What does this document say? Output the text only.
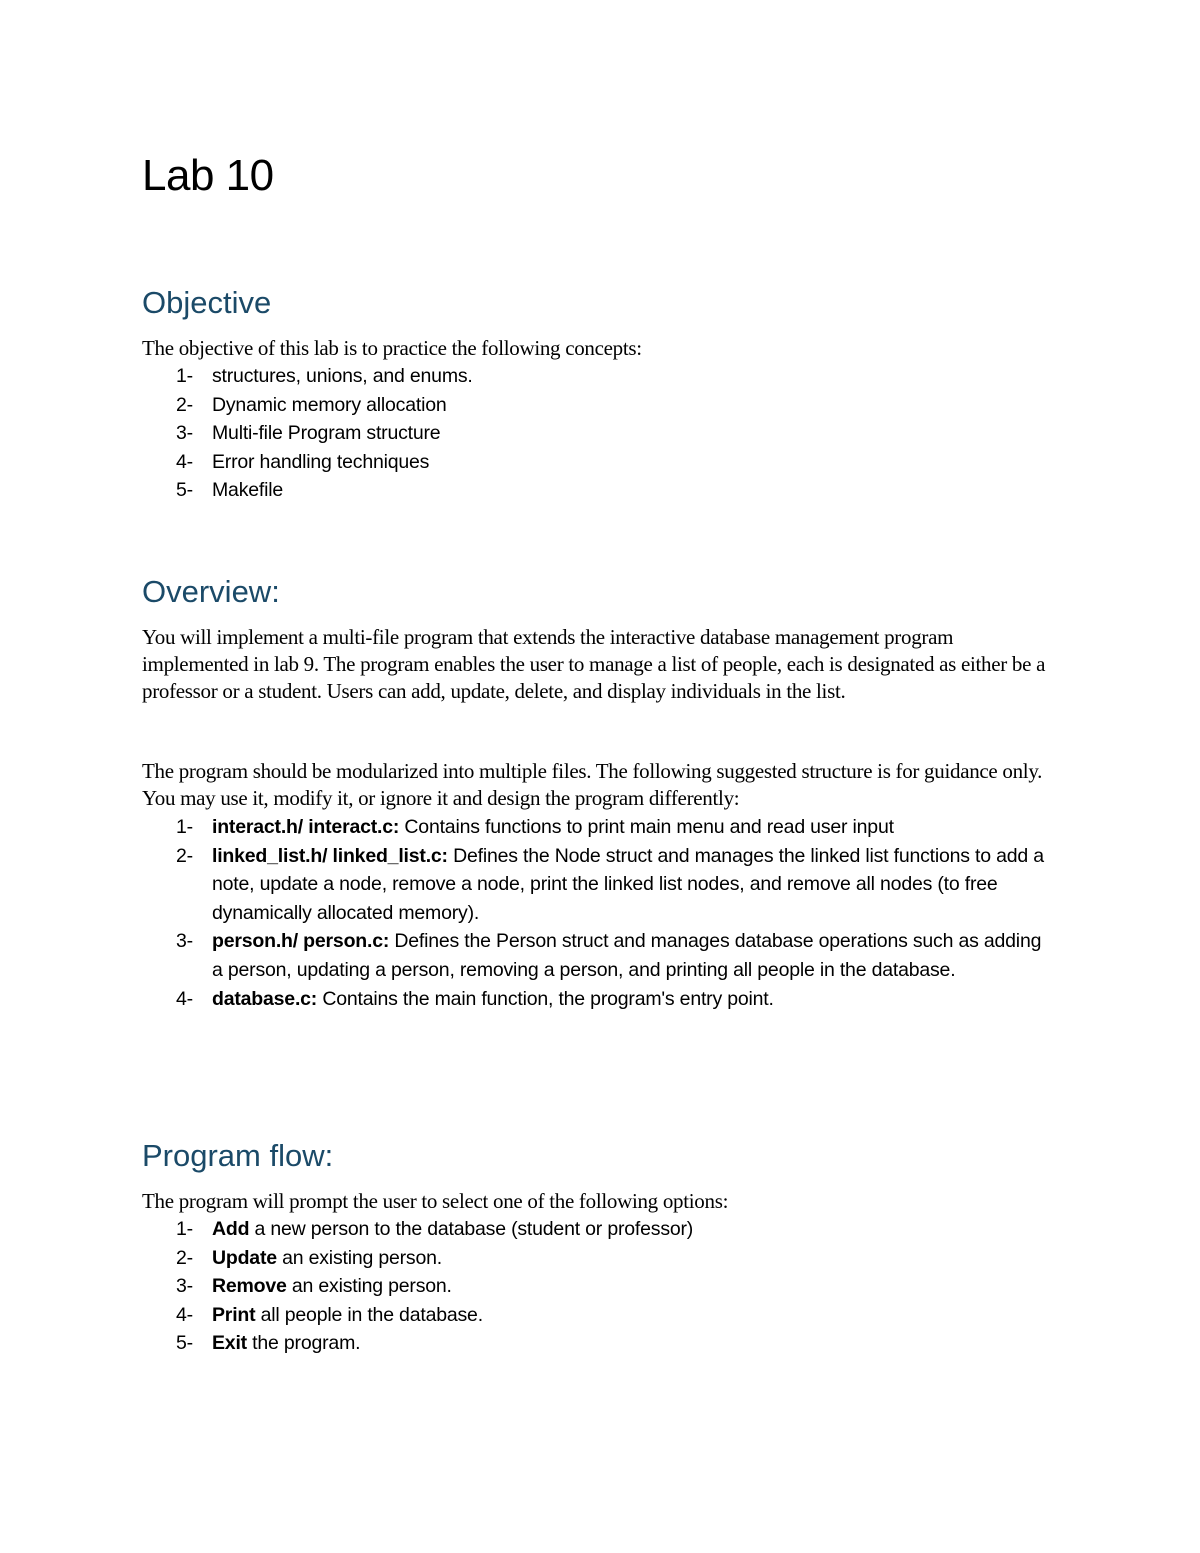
Lab 10
Objective

The objective of this lab is to practice the following concepts:

1- structures, unions, and enums.
2- Dynamic memory allocation
3- Multi-file Program structure
4- Error handling techniques
5- Makefile
Overview:

You will implement a multi-file program that extends the interactive database management program implemented in lab 9. The program enables the user to manage a list of people, each is designated as either be a professor or a student. Users can add, update, delete, and display individuals in the list.

The program should be modularized into multiple files. The following suggested structure is for guidance only. You may use it, modify it, or ignore it and design the program differently:

1- interact.h/ interact.c: Contains functions to print main menu and read user input
2- linked_list.h/ linked_list.c: Defines the Node struct and manages the linked list functions to add a note, update a node, remove a node, print the linked list nodes, and remove all nodes (to free dynamically allocated memory).
3- person.h/ person.c: Defines the Person struct and manages database operations such as adding a person, updating a person, removing a person, and printing all people in the database.
4- database.c: Contains the main function, the program's entry point.
Program flow:

The program will prompt the user to select one of the following options:

1- Add a new person to the database (student or professor)
2- Update an existing person.
3- Remove an existing person.
4- Print all people in the database.
5- Exit the program.
